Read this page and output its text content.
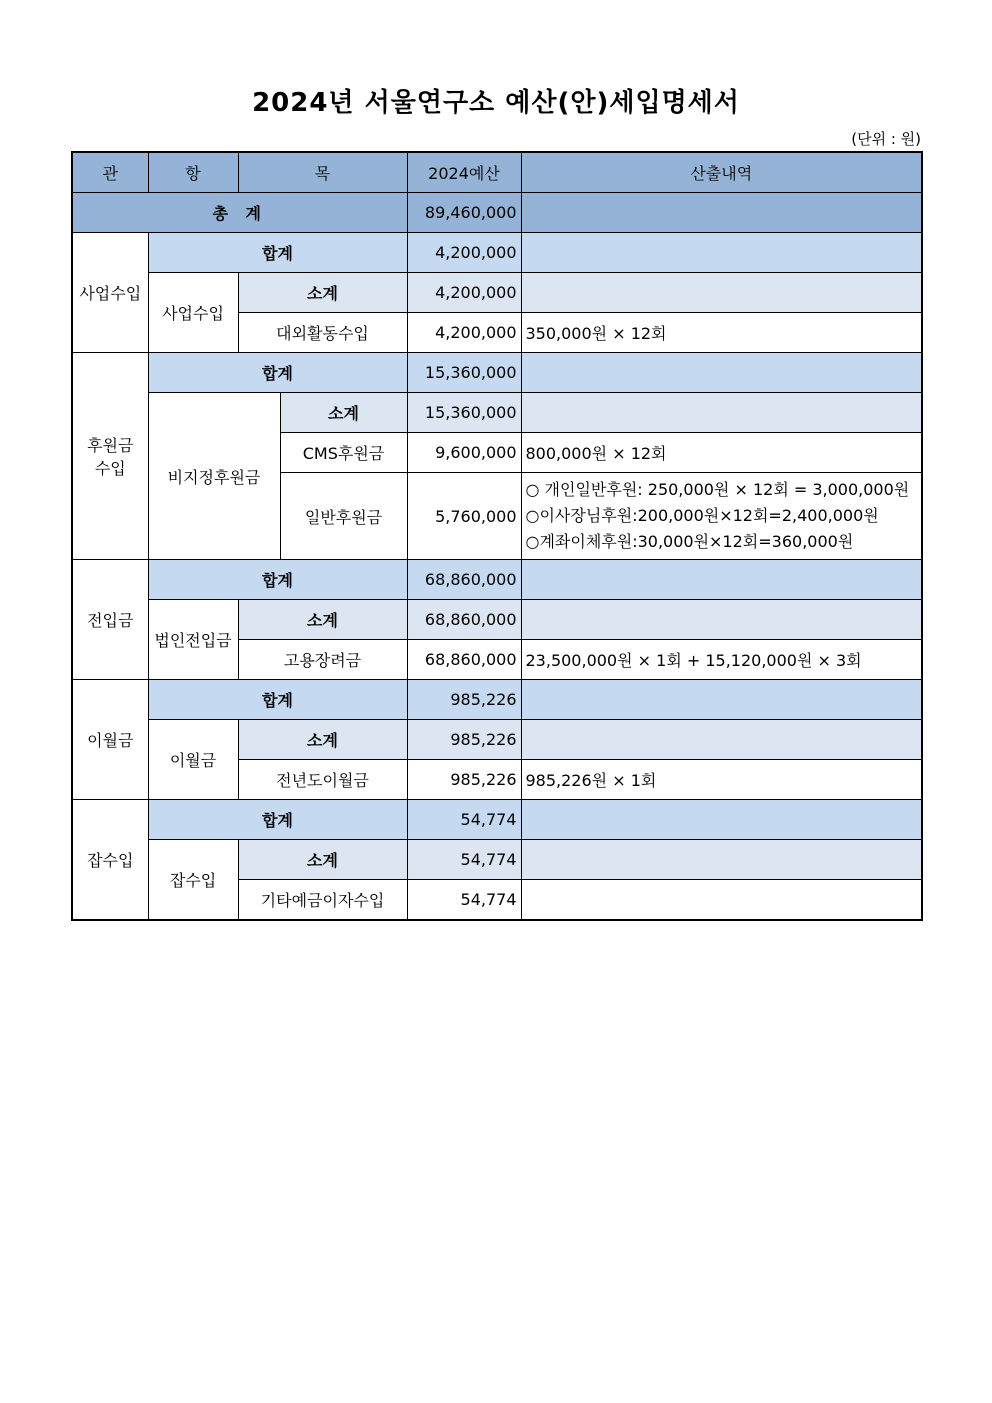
2024년 서울연구소 예산(안)세입명세서
(단위 : 원)
관	항	목		2024예산	산출내역
총 계				89,460,000	
사업수입	합계			4,200,000	
	사업수입	소계		4,200,000	
		대외활동수입		4,200,000	350,000원 × 12회

후원금
수입	합계			15,360,000	
	비지정후원금		소계	15,360,000	
			CMS후원금	9,600,000	800,000원 × 12회
			일반후원금	5,760,000	○ 개인일반후원: 250,000원 × 12회 = 3,000,000원
○이사장님후원:200,000원×12회=2,400,000원
○계좌이체후원:30,000원×12회=360,000원

전입금	합계			68,860,000	
	법인전입금	소계		68,860,000	
		고용장려금		68,860,000	23,500,000원 × 1회 + 15,120,000원 × 3회
이월금	합계			985,226	
	이월금	소계		985,226	
		전년도이월금		985,226	985,226원 × 1회
잡수입	합계			54,774	
	잡수입	소계		54,774	
		기타예금이자수입		54,774	
